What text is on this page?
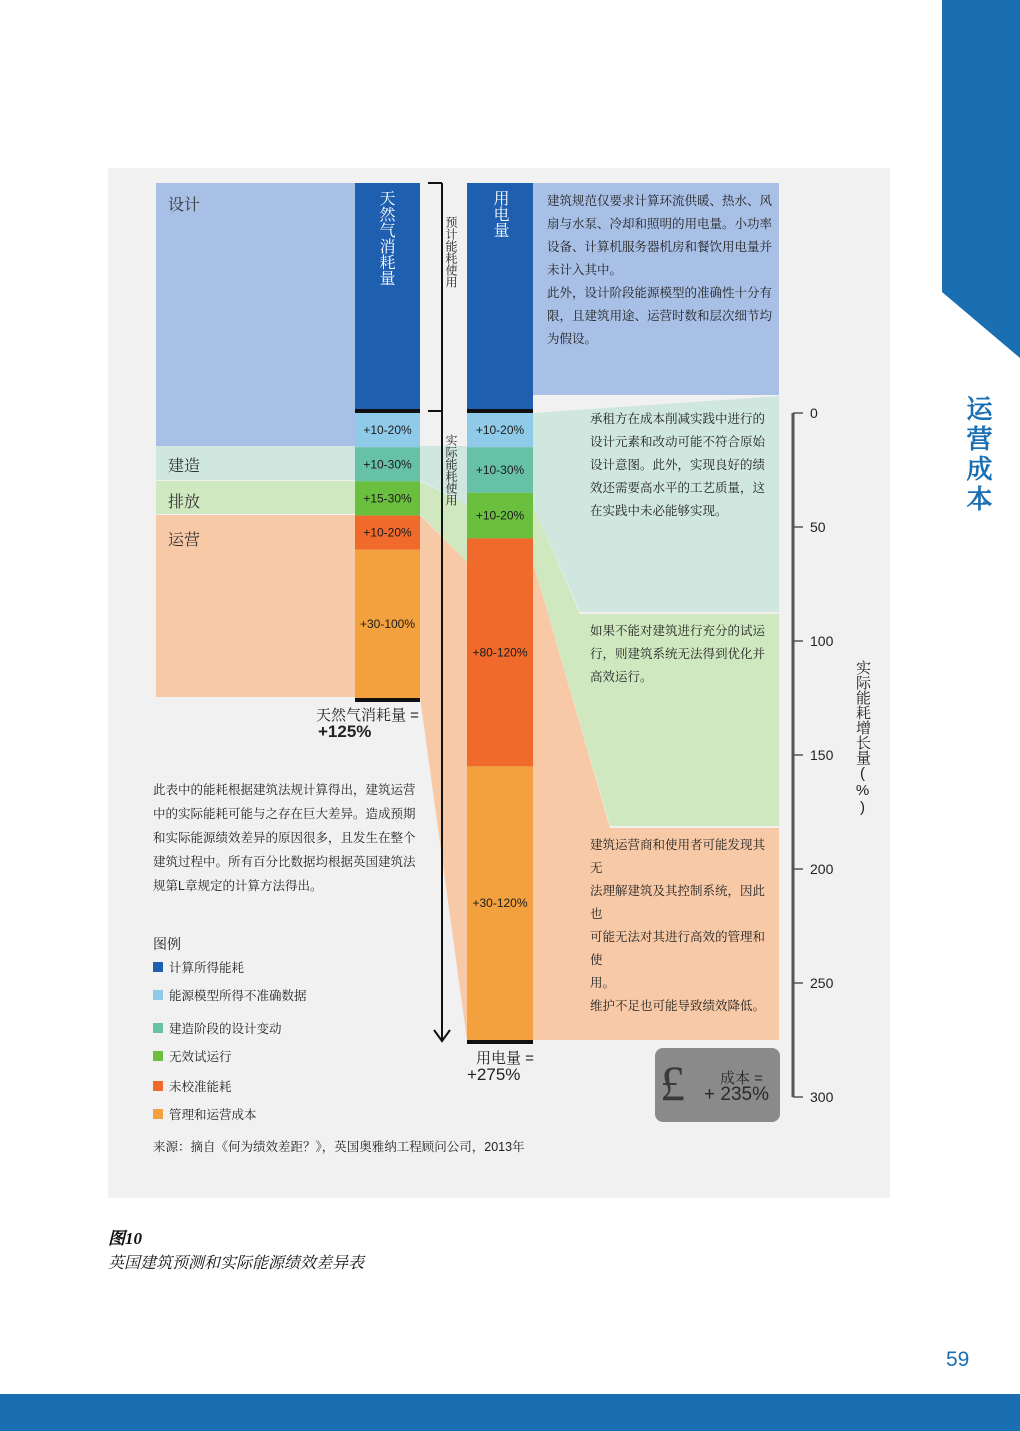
运营成本
+10-20%
+10-30%
+15-30%
+10-20%
+30-100%
+10-20%
+10-30%
+10-20%
+80-120%
+30-120%
0
50
100
150
200
250
300
设计
建造
排放
运营
天然气消耗量	用电量
预计能耗使用
实际能耗使用
建筑规范仅要求计算环流供暖、热水、风
扇与水泵、冷却和照明的用电量。小功率
设备、计算机服务器机房和餐饮用电量并
未计入其中。
此外，设计阶段能源模型的准确性十分有
限，且建筑用途、运营时数和层次细节均
为假设。
承租方在成本削减实践中进行的
设计元素和改动可能不符合原始
设计意图。此外，实现良好的绩
效还需要高水平的工艺质量，这
在实践中未必能够实现。
如果不能对建筑进行充分的试运
行，则建筑系统无法得到优化并
高效运行。
建筑运营商和使用者可能发现其无
法理解建筑及其控制系统，因此也
可能无法对其进行高效的管理和使
用。
维护不足也可能导致绩效降低。
此表中的能耗根据建筑法规计算得出，建筑运营
中的实际能耗可能与之存在巨大差异。造成预期
和实际能源绩效差异的原因很多，且发生在整个
建筑过程中。所有百分比数据均根据英国建筑法
规第L章规定的计算方法得出。
天然气消耗量 =
+125%
用电量 =
+275%	£ 成本 =
+ 235%
实际能耗增长量(%)
图例
计算所得能耗
能源模型所得不准确数据
建造阶段的设计变动
无效试运行
未校准能耗
管理和运营成本
来源：摘自《何为绩效差距？》，英国奥雅纳工程顾问公司，2013年
图10
英国建筑预测和实际能源绩效差异表
59
